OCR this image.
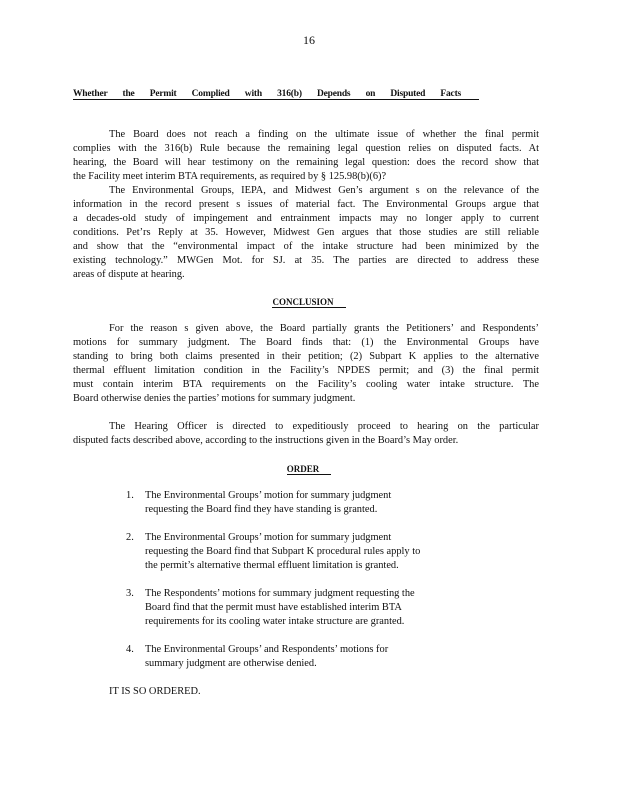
16
Whether the Permit Complied with 316(b) Depends on Disputed Facts
The Board does not reach a finding on the ultimate issue of whether the final permit
complies with the 316(b) Rule because the remaining legal question relies on disputed facts. At
hearing, the Board will hear testimony on the remaining legal question: does the record show that
the Facility meet interim BTA requirements, as required by § 125.98(b)(6)?
The Environmental Groups, IEPA, and Midwest Gen’s argument s on the relevance of the
information in the record present s issues of material fact. The Environmental Groups argue that
a decades-old study of impingement and entrainment impacts may no longer apply to current
conditions. Pet’rs Reply at 35. However, Midwest Gen argues that those studies are still reliable
and show that the “environmental impact of the intake structure had been minimized by the
existing technology.” MWGen Mot. for SJ. at 35. The parties are directed to address these
areas of dispute at hearing.
CONCLUSION
For the reason s given above, the Board partially grants the Petitioners’ and Respondents’
motions for summary judgment. The Board finds that: (1) the Environmental Groups have
standing to bring both claims presented in their petition; (2) Subpart K applies to the alternative
thermal effluent limitation condition in the Facility’s NPDES permit; and (3) the final permit
must contain interim BTA requirements on the Facility’s cooling water intake structure. The
Board otherwise denies the parties’ motions for summary judgment.
The Hearing Officer is directed to expeditiously proceed to hearing on the particular
disputed facts described above, according to the instructions given in the Board’s May order.
ORDER
1. The Environmental Groups’ motion for summary judgment
requesting the Board find they have standing is granted.
2. The Environmental Groups’ motion for summary judgment
requesting the Board find that Subpart K procedural rules apply to
the permit’s alternative thermal effluent limitation is granted.
3. The Respondents’ motions for summary judgment requesting the
Board find that the permit must have established interim BTA
requirements for its cooling water intake structure are granted.
4. The Environmental Groups’ and Respondents’ motions for
summary judgment are otherwise denied.
IT IS SO ORDERED.
